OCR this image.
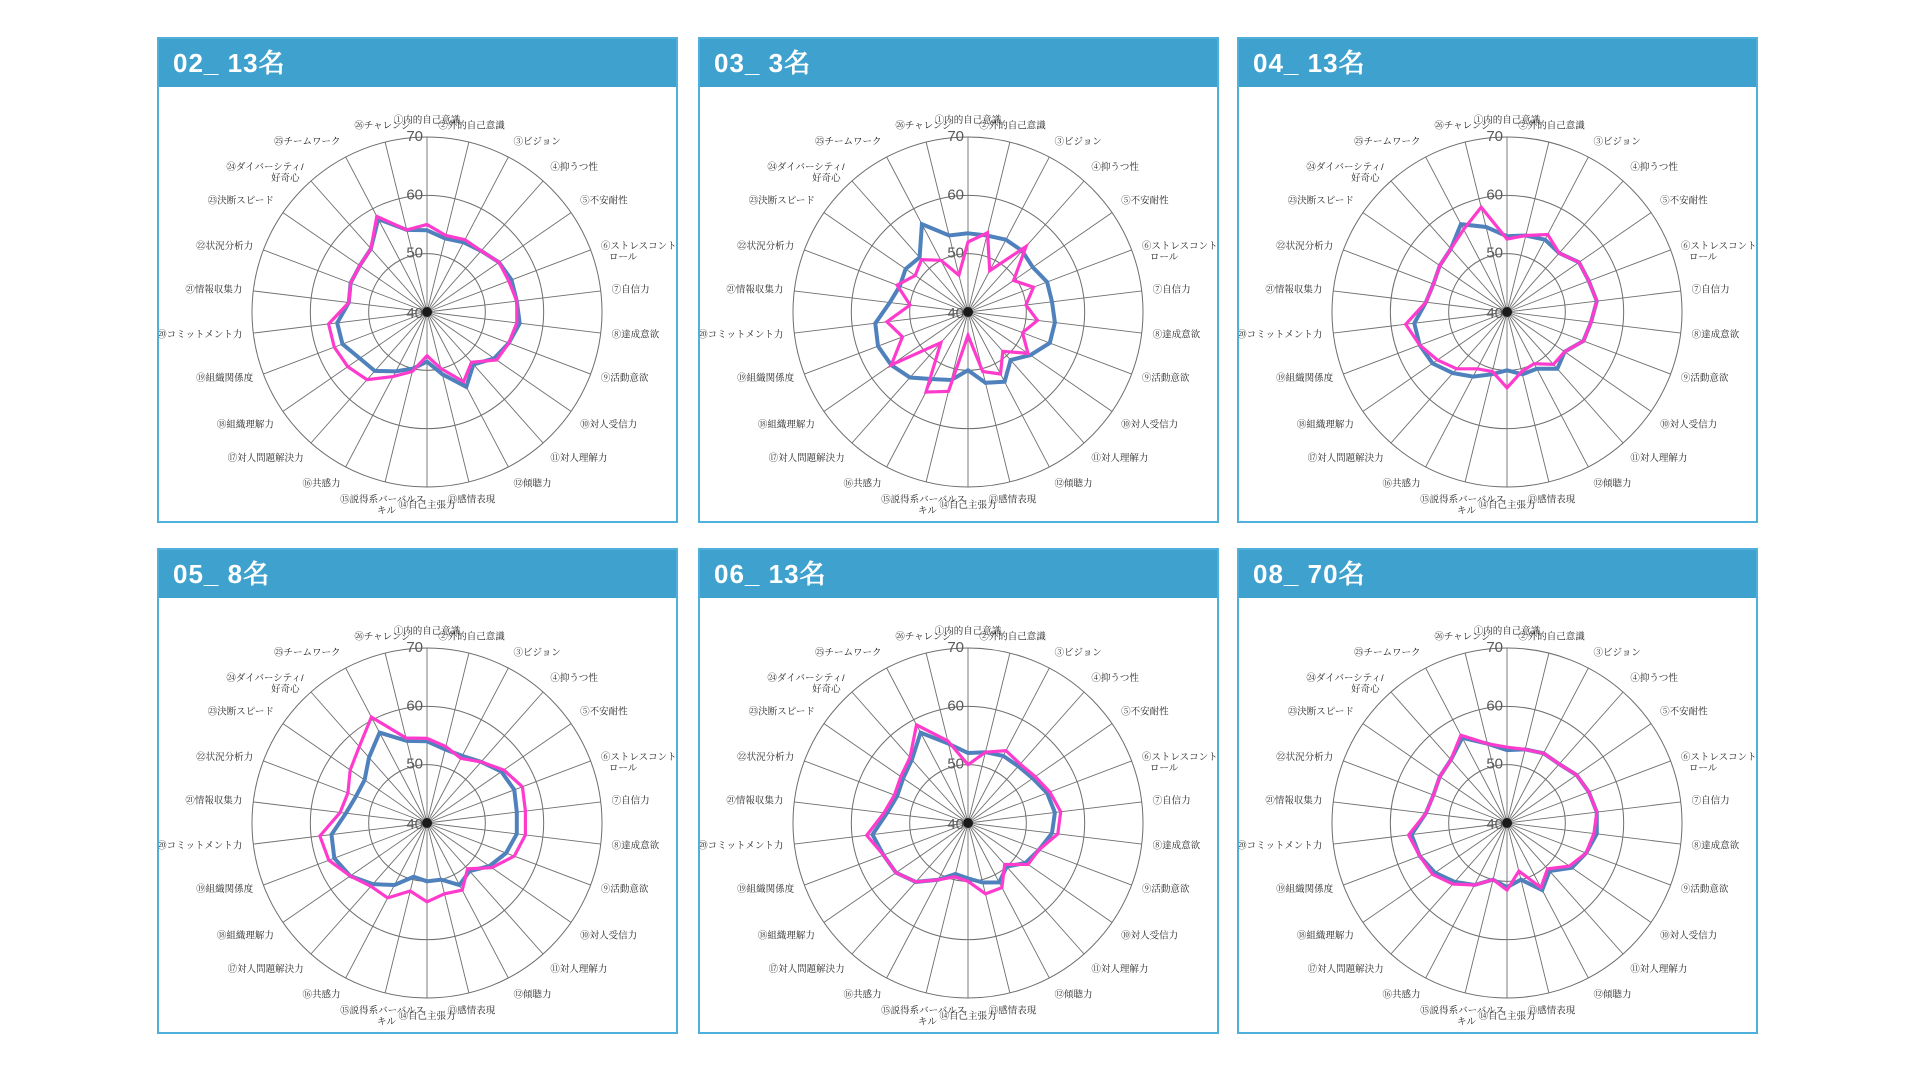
02_ 13名
40
50
60
70
①内的自己意識
②外的自己意識
③ビジョン
④抑うつ性
⑤不安耐性
⑥ストレスコントロール
⑦自信力
⑧達成意欲
⑨活動意欲
⑩対人受信力
⑪対人理解力
⑫傾聴力
⑬感情表現
⑭自己主張力
⑮説得系バーバルスキル
⑯共感力
⑰対人問題解決力
⑱組織理解力
⑲組織関係度
⑳コミットメント力
㉑情報収集力
㉒状況分析力
㉓決断スピード
㉔ダイバーシティ/好奇心
㉕チームワーク
㉖チャレンジ
03_ 3名
40
50
60
70
①内的自己意識
②外的自己意識
③ビジョン
④抑うつ性
⑤不安耐性
⑥ストレスコントロール
⑦自信力
⑧達成意欲
⑨活動意欲
⑩対人受信力
⑪対人理解力
⑫傾聴力
⑬感情表現
⑭自己主張力
⑮説得系バーバルスキル
⑯共感力
⑰対人問題解決力
⑱組織理解力
⑲組織関係度
⑳コミットメント力
㉑情報収集力
㉒状況分析力
㉓決断スピード
㉔ダイバーシティ/好奇心
㉕チームワーク
㉖チャレンジ
04_ 13名
40
50
60
70
①内的自己意識
②外的自己意識
③ビジョン
④抑うつ性
⑤不安耐性
⑥ストレスコントロール
⑦自信力
⑧達成意欲
⑨活動意欲
⑩対人受信力
⑪対人理解力
⑫傾聴力
⑬感情表現
⑭自己主張力
⑮説得系バーバルスキル
⑯共感力
⑰対人問題解決力
⑱組織理解力
⑲組織関係度
⑳コミットメント力
㉑情報収集力
㉒状況分析力
㉓決断スピード
㉔ダイバーシティ/好奇心
㉕チームワーク
㉖チャレンジ
05_ 8名
40
50
60
70
①内的自己意識
②外的自己意識
③ビジョン
④抑うつ性
⑤不安耐性
⑥ストレスコントロール
⑦自信力
⑧達成意欲
⑨活動意欲
⑩対人受信力
⑪対人理解力
⑫傾聴力
⑬感情表現
⑭自己主張力
⑮説得系バーバルスキル
⑯共感力
⑰対人問題解決力
⑱組織理解力
⑲組織関係度
⑳コミットメント力
㉑情報収集力
㉒状況分析力
㉓決断スピード
㉔ダイバーシティ/好奇心
㉕チームワーク
㉖チャレンジ
06_ 13名
40
50
60
70
①内的自己意識
②外的自己意識
③ビジョン
④抑うつ性
⑤不安耐性
⑥ストレスコントロール
⑦自信力
⑧達成意欲
⑨活動意欲
⑩対人受信力
⑪対人理解力
⑫傾聴力
⑬感情表現
⑭自己主張力
⑮説得系バーバルスキル
⑯共感力
⑰対人問題解決力
⑱組織理解力
⑲組織関係度
⑳コミットメント力
㉑情報収集力
㉒状況分析力
㉓決断スピード
㉔ダイバーシティ/好奇心
㉕チームワーク
㉖チャレンジ
08_ 70名
40
50
60
70
①内的自己意識
②外的自己意識
③ビジョン
④抑うつ性
⑤不安耐性
⑥ストレスコントロール
⑦自信力
⑧達成意欲
⑨活動意欲
⑩対人受信力
⑪対人理解力
⑫傾聴力
⑬感情表現
⑭自己主張力
⑮説得系バーバルスキル
⑯共感力
⑰対人問題解決力
⑱組織理解力
⑲組織関係度
⑳コミットメント力
㉑情報収集力
㉒状況分析力
㉓決断スピード
㉔ダイバーシティ/好奇心
㉕チームワーク
㉖チャレンジ
